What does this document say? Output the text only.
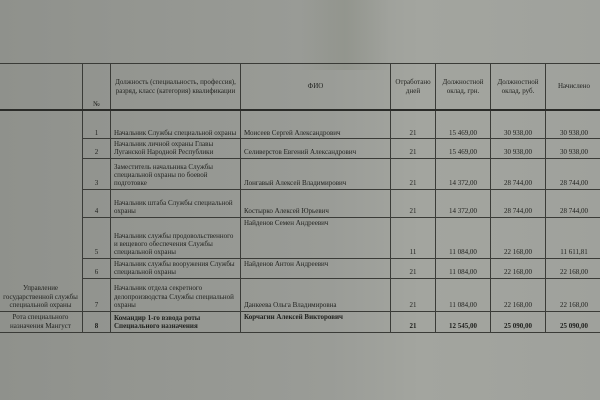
	№	Должность (специальность, профессия), разряд, класс (категория) квалификации	ФИО	Отработано дней	Должностной оклад, грн.	Должностной оклад, руб.	Начислено
Управление государственной службы специальной охраны	1	Начальник Службы специальной охраны	Моисеев Сергей Александрович	21	15 469,00	30 938,00	30 938,00
	2	Начальник личной охраны Главы Луганской Народной Республики	Селиверстов Евгений Александрович	21	15 469,00	30 938,00	30 938,00
	3	Заместитель начальника Службы специальной охраны по боевой подготовке	Лонгавый Алексей Владимирович	21	14 372,00	28 744,00	28 744,00
	4	Начальник штаба Службы специальной охраны	Костырко Алексей Юрьевич	21	14 372,00	28 744,00	28 744,00
	5	Начальник службы продовольственного и вещевого обеспечения Службы специальной охраны	Найденов Семен Андреевич	11	11 084,00	22 168,00	11 611,81
	6	Начальник службы вооружения Службы специальной охраны	Найденов Антон Андреевич	21	11 084,00	22 168,00	22 168,00
	7	Начальник отдела секретного делопроизводства Службы специальной охраны	Данкеева Ольга Владимировна	21	11 084,00	22 168,00	22 168,00
Рота специального назначения Мангуст	8	Командир 1-го взвода роты Специального назначения	Корчагин Алексей Викторович	21	12 545,00	25 090,00	25 090,00
